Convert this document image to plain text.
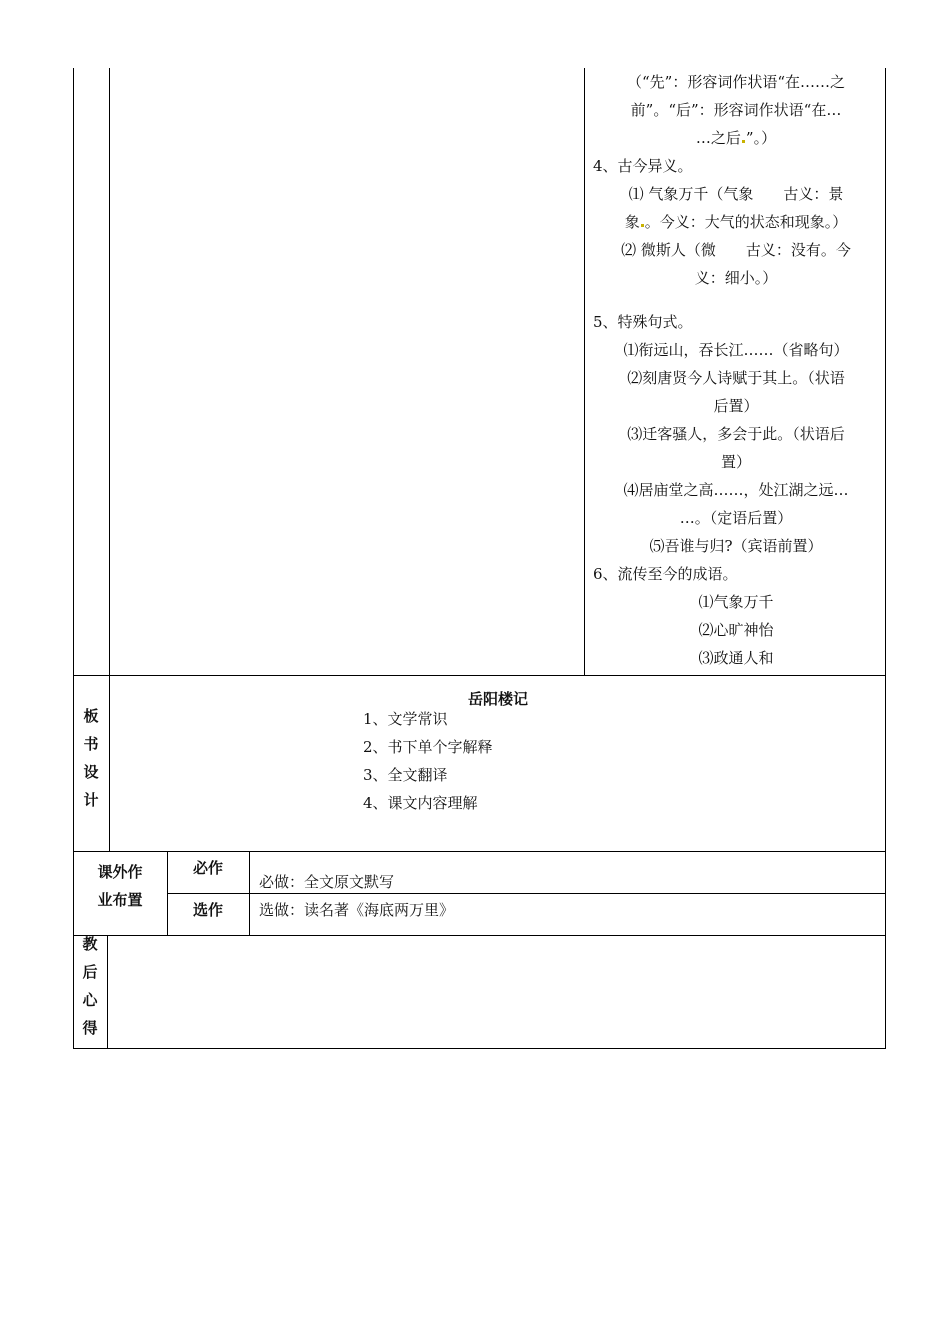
（“先”：形容词作状语“在……之
前”。“后”：形容词作状语“在…
…之后 ”。）
4、古今异义。
⑴ 气象万千（气象　　古义：景
象 。今义：大气的状态和现象。）
⑵ 微斯人（微　　古义：没有。今
义：细小。）
5、特殊句式。
⑴衔远山，吞长江……（省略句）
⑵刻唐贤今人诗赋于其上。（状语
后置）
⑶迁客骚人，多会于此。（状语后
置）
⑷居庙堂之高……，处江湖之远…
…。（定语后置）
⑸吾谁与归?（宾语前置）
6、流传至今的成语。
⑴气象万千
⑵心旷神怡
⑶政通人和
板
书
设
计
岳阳楼记
1、文学常识
2、书下单个字解释
3、全文翻译
4、课文内容理解
课外作
业布置
必作
必做：全文原文默写
选作	选做：读名著《海底两万里》
教
后
心
得
